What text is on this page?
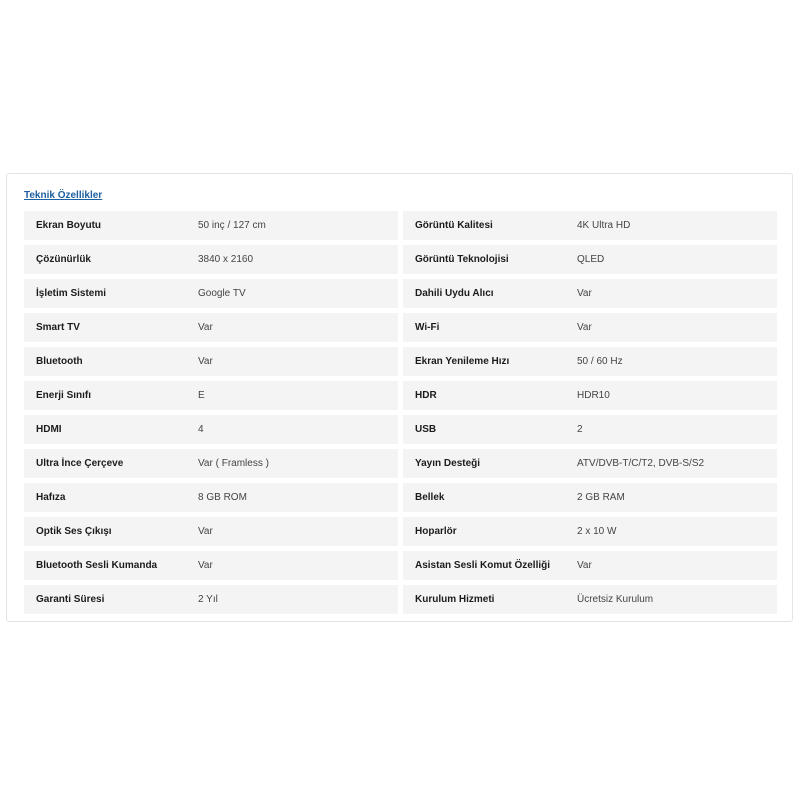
Teknik Özellikler
Ekran Boyutu	50 inç / 127 cm	Görüntü Kalitesi	4K Ultra HD
Çözünürlük	3840 x 2160	Görüntü Teknolojisi	QLED
İşletim Sistemi	Google TV	Dahili Uydu Alıcı	Var
Smart TV	Var	Wi-Fi	Var
Bluetooth	Var	Ekran Yenileme Hızı	50 / 60 Hz
Enerji Sınıfı	E	HDR	HDR10
HDMI	4	USB	2
Ultra İnce Çerçeve	Var ( Framless )	Yayın Desteği	ATV/DVB-T/C/T2, DVB-S/S2
Hafıza	8 GB ROM	Bellek	2 GB RAM
Optik Ses Çıkışı	Var	Hoparlör	2 x 10 W
Bluetooth Sesli Kumanda	Var	Asistan Sesli Komut Özelliği	Var
Garanti Süresi	2 Yıl	Kurulum Hizmeti	Ücretsiz Kurulum
